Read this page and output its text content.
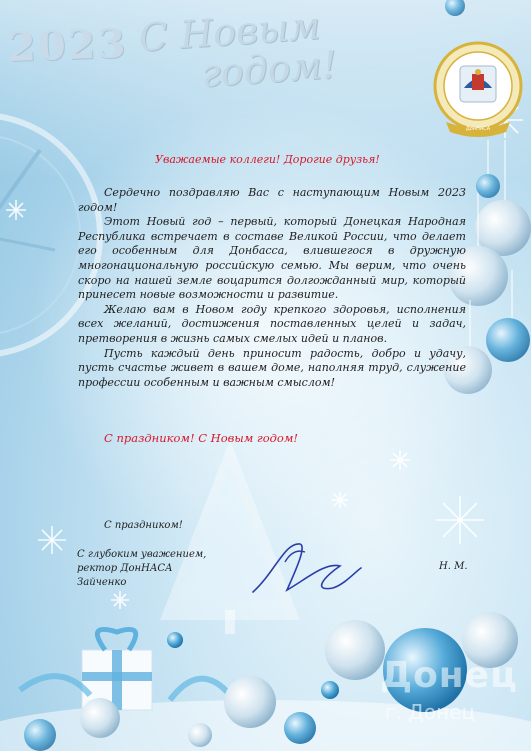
2023 С Новым
годом!
ДонНАСА
Уважаемые коллеги! Дорогие друзья!

Сердечно поздравляю Вас с наступающим Новым 2023 годом!

Этот Новый год – первый, который Донецкая Народная Республика встречает в составе Великой России, что делает его особенным для Донбасса, влившегося в дружную многонациональную российскую семью. Мы верим, что очень скоро на нашей земле воцарится долгожданный мир, который принесет новые возможности и развитие.

Желаю вам в Новом году крепкого здоровья, исполнения всех желаний, достижения поставленных целей и задач, претворения в жизнь самых смелых идей и планов.

Пусть каждый день приносит радость, добро и удачу, пусть счастье живет в вашем доме, наполняя труд, служение профессии особенным и важным смыслом!

С праздником! С Новым годом!
С праздником!
С глубоким уважением,
ректор ДонНАСА
Зайченко
Н. М.
Донец
г. Донец
